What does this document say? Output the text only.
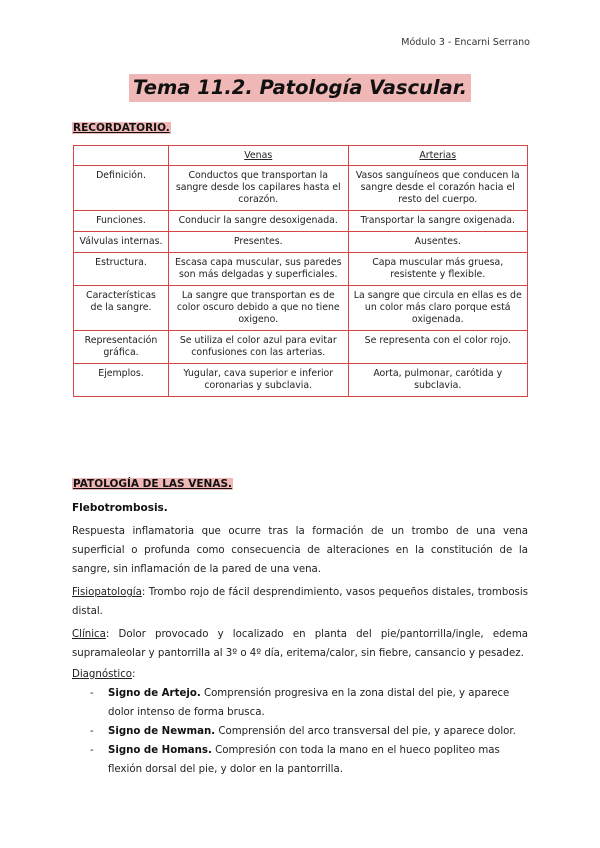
Módulo 3 - Encarni Serrano
Tema 11.2. Patología Vascular.
RECORDATORIO.
	Venas	Arterias
Definición.	Conductos que transportan la sangre desde los capilares hasta el corazón.	Vasos sanguíneos que conducen la sangre desde el corazón hacia el resto del cuerpo.
Funciones.	Conducir la sangre desoxigenada.	Transportar la sangre oxigenada.
Válvulas internas.	Presentes.	Ausentes.
Estructura.	Escasa capa muscular, sus paredes son más delgadas y superficiales.	Capa muscular más gruesa, resistente y flexible.
Características de la sangre.	La sangre que transportan es de color oscuro debido a que no tiene oxigeno.	La sangre que circula en ellas es de un color más claro porque está oxigenada.
Representación gráfica.	Se utiliza el color azul para evitar confusiones con las arterias.	Se representa con el color rojo.
Ejemplos.	Yugular, cava superior e inferior coronarias y subclavia.	Aorta, pulmonar, carótida y subclavia.
PATOLOGÍA DE LAS VENAS.
Flebotrombosis.

Respuesta inflamatoria que ocurre tras la formación de un trombo de una vena superficial o profunda como consecuencia de alteraciones en la constitución de la sangre, sin inflamación de la pared de una vena.

Fisiopatología: Trombo rojo de fácil desprendimiento, vasos pequeños distales, trombosis distal.

Clínica: Dolor provocado y localizado en planta del pie/pantorrilla/ingle, edema supramaleolar y pantorrilla al 3º o 4º día, eritema/calor, sin fiebre, cansancio y pesadez.

Diagnóstico:
- Signo de Artejo. Comprensión progresiva en la zona distal del pie, y aparece dolor intenso de forma brusca.
- Signo de Newman. Comprensión del arco transversal del pie, y aparece dolor.
- Signo de Homans. Compresión con toda la mano en el hueco popliteo mas flexión dorsal del pie, y dolor en la pantorrilla.
